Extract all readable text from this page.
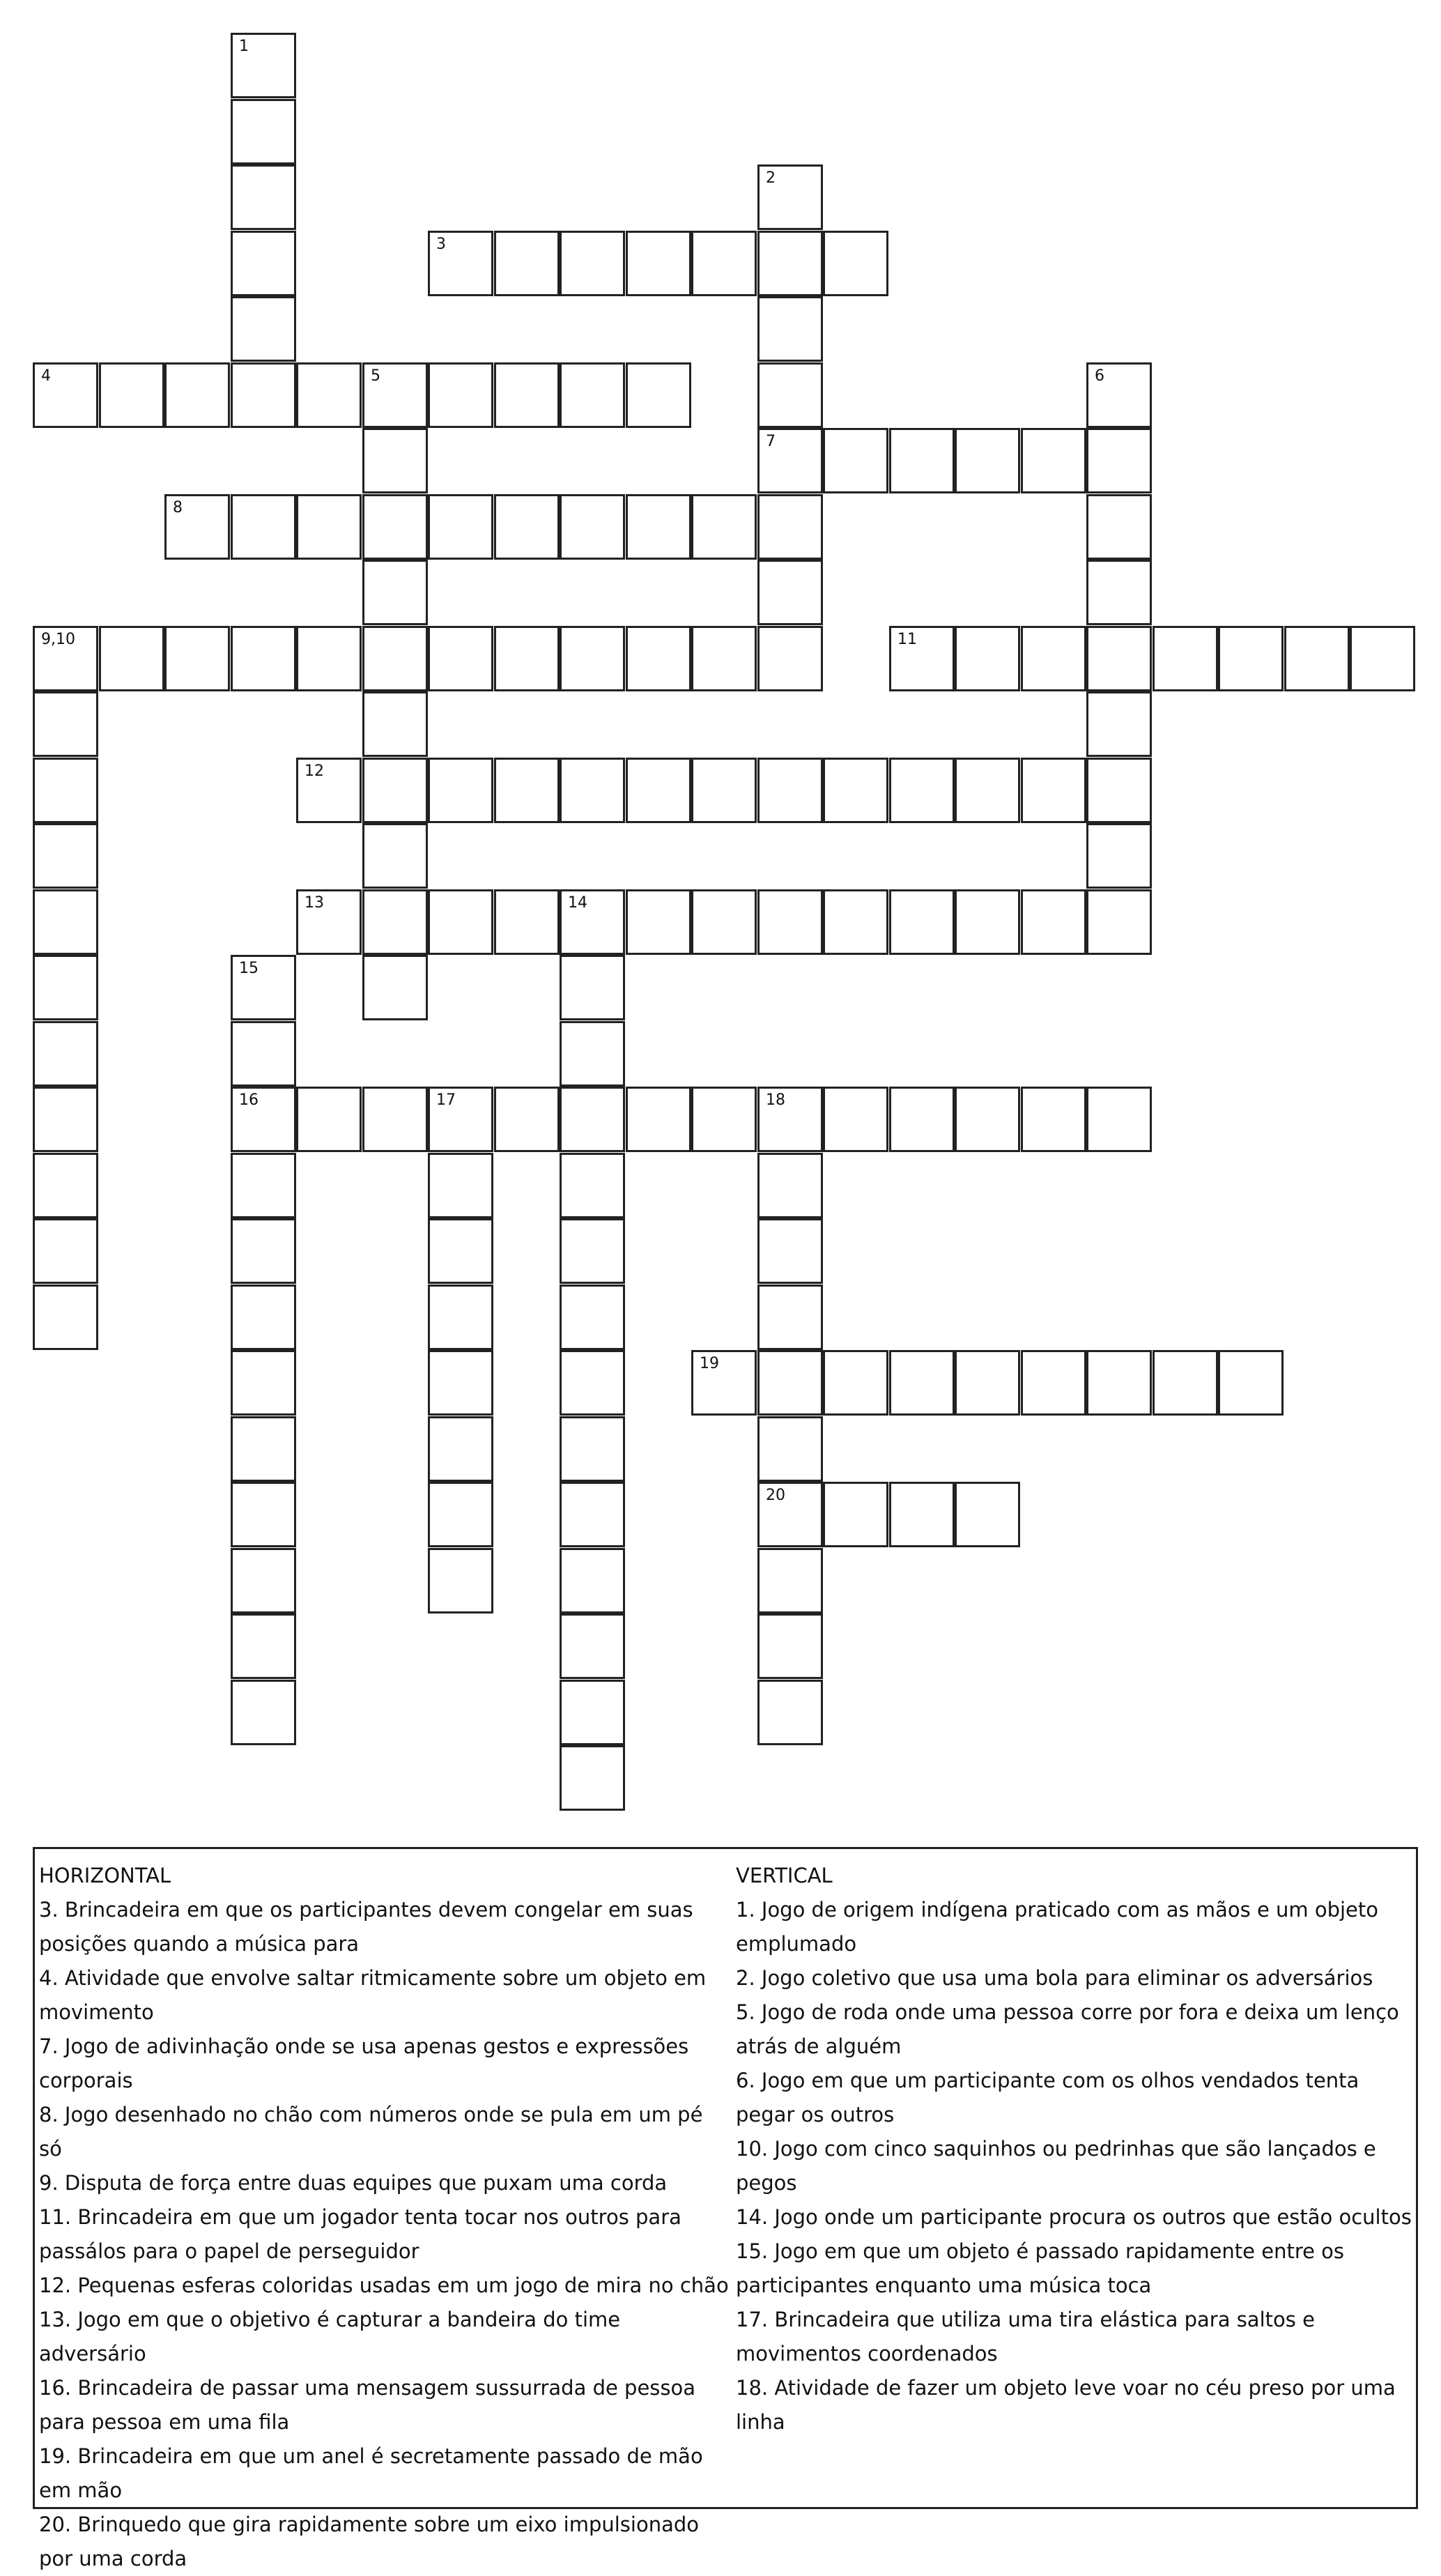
1
2
7
3
4	5	6
8
9,10	11
12
13	14
15
16	17	18
20
19

HORIZONTAL

3. Brincadeira em que os participantes devem congelar em suas posições quando a música para

4. Atividade que envolve saltar ritmicamente sobre um objeto em movimento

7. Jogo de adivinhação onde se usa apenas gestos e expressões corporais

8. Jogo desenhado no chão com números onde se pula em um pé só

9. Disputa de força entre duas equipes que puxam uma corda

11. Brincadeira em que um jogador tenta tocar nos outros para passálos para o papel de perseguidor

12. Pequenas esferas coloridas usadas em um jogo de mira no chão

13. Jogo em que o objetivo é capturar a bandeira do time adversário

16. Brincadeira de passar uma mensagem sussurrada de pessoa para pessoa em uma fila

19. Brincadeira em que um anel é secretamente passado de mão em mão

20. Brinquedo que gira rapidamente sobre um eixo impulsionado por uma corda

VERTICAL

1. Jogo de origem indígena praticado com as mãos e um objeto emplumado

2. Jogo coletivo que usa uma bola para eliminar os adversários

5. Jogo de roda onde uma pessoa corre por fora e deixa um lenço atrás de alguém

6. Jogo em que um participante com os olhos vendados tenta pegar os outros

10. Jogo com cinco saquinhos ou pedrinhas que são lançados e pegos

14. Jogo onde um participante procura os outros que estão ocultos

15. Jogo em que um objeto é passado rapidamente entre os participantes enquanto uma música toca

17. Brincadeira que utiliza uma tira elástica para saltos e movimentos coordenados

18. Atividade de fazer um objeto leve voar no céu preso por uma linha
